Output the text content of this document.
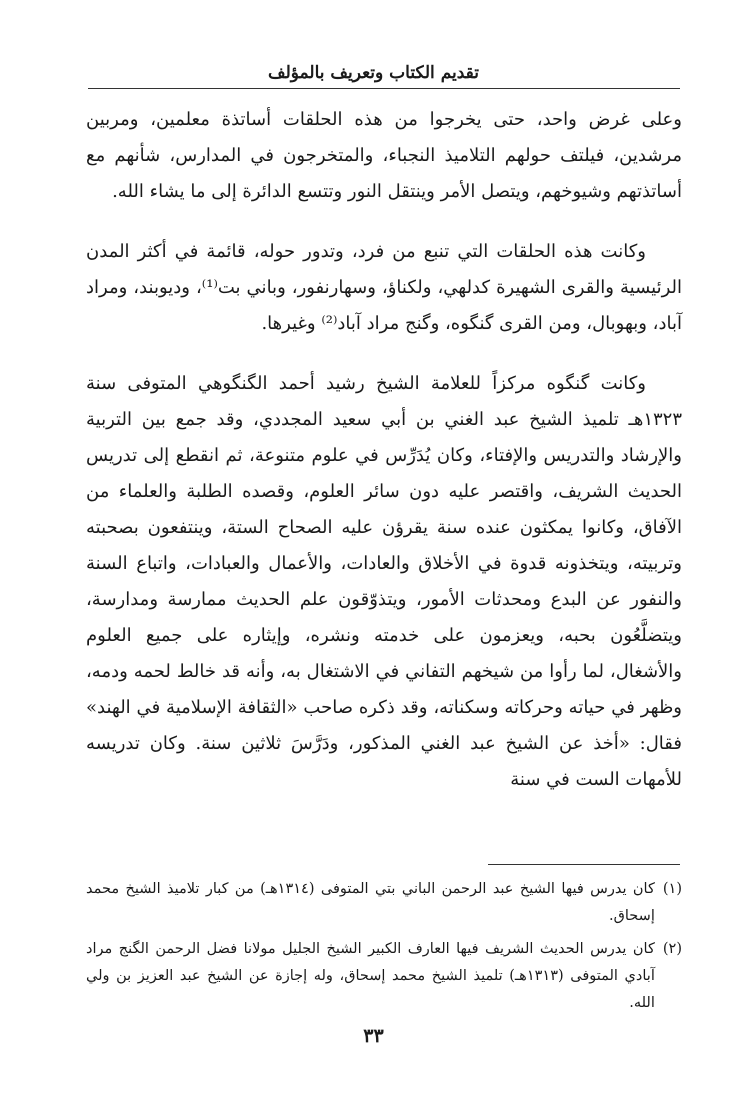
تقديم الكتاب وتعريف بالمؤلف

وعلى غرض واحد، حتى يخرجوا من هذه الحلقات أساتذة معلمين، ومربين مرشدين، فيلتف حولهم التلاميذ النجباء، والمتخرجون في المدارس، شأنهم مع أساتذتهم وشيوخهم، ويتصل الأمر وينتقل النور وتتسع الدائرة إلى ما يشاء الله.

وكانت هذه الحلقات التي تنبع من فرد، وتدور حوله، قائمة في أكثر المدن الرئيسية والقرى الشهيرة كدلهي، ولكناؤ، وسهارنفور، وباني بت⁽¹⁾، وديوبند، ومراد آباد، وبهوبال، ومن القرى گنگوه، وگنج مراد آباد⁽²⁾ وغيرها.

وكانت گنگوه مركزاً للعلامة الشيخ رشيد أحمد الگنگوهي المتوفى سنة ١٣٢٣هـ تلميذ الشيخ عبد الغني بن أبي سعيد المجددي، وقد جمع بين التربية والإرشاد والتدريس والإفتاء، وكان يُدَرِّس في علوم متنوعة، ثم انقطع إلى تدريس الحديث الشريف، واقتصر عليه دون سائر العلوم، وقصده الطلبة والعلماء من الآفاق، وكانوا يمكثون عنده سنة يقرؤن عليه الصحاح الستة، وينتفعون بصحبته وتربيته، ويتخذونه قدوة في الأخلاق والعادات، والأعمال والعبادات، واتباع السنة والنفور عن البدع ومحدثات الأمور، ويتذوّقون علم الحديث ممارسة ومدارسة، ويتضلَّعُون بحبه، ويعزمون على خدمته ونشره، وإيثاره على جميع العلوم والأشغال، لما رأوا من شيخهم التفاني في الاشتغال به، وأنه قد خالط لحمه ودمه، وظهر في حياته وحركاته وسكناته، وقد ذكره صاحب «الثقافة الإسلامية في الهند» فقال: «أخذ عن الشيخ عبد الغني المذكور، ودَرَّسَ ثلاثين سنة. وكان تدريسه للأمهات الست في سنة

(١)
كان يدرس فيها الشيخ عبد الرحمن الباني بتي المتوفى (١٣١٤هـ) من كبار تلاميذ الشيخ محمد إسحاق.
(٢)
كان يدرس الحديث الشريف فيها العارف الكبير الشيخ الجليل مولانا فضل الرحمن الگنج مراد آبادي المتوفى (١٣١٣هـ) تلميذ الشيخ محمد إسحاق، وله إجازة عن الشيخ عبد العزيز بن ولي الله.
٣٣
